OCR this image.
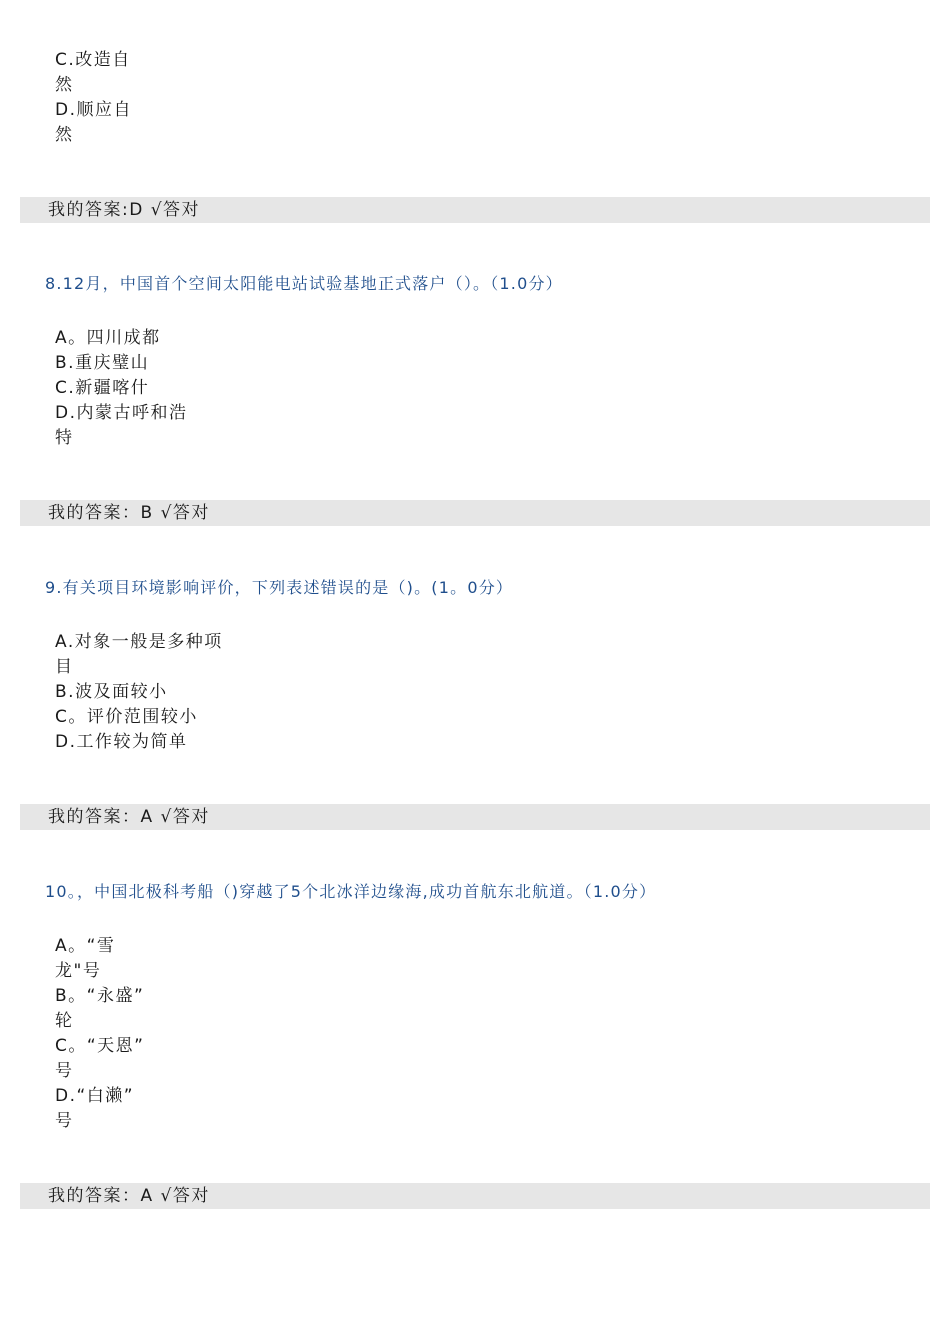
C.改造自
然
D.顺应自
然
我的答案:D √答对
8.12月，中国首个空间太阳能电站试验基地正式落户（）。（1.0分）
A。四川成都
B.重庆璧山
C.新疆喀什
D.内蒙古呼和浩
特
我的答案：B √答对
9.有关项目环境影响评价，下列表述错误的是（)。(1。0分）
A.对象一般是多种项
目
B.波及面较小
C。评价范围较小
D.工作较为简单
我的答案：A √答对
10。，中国北极科考船（)穿越了5个北冰洋边缘海,成功首航东北航道。（1.0分）
A。“雪
龙"号
B。“永盛”
轮
C。“天恩”
号
D.“白濑”
号
我的答案：A √答对
